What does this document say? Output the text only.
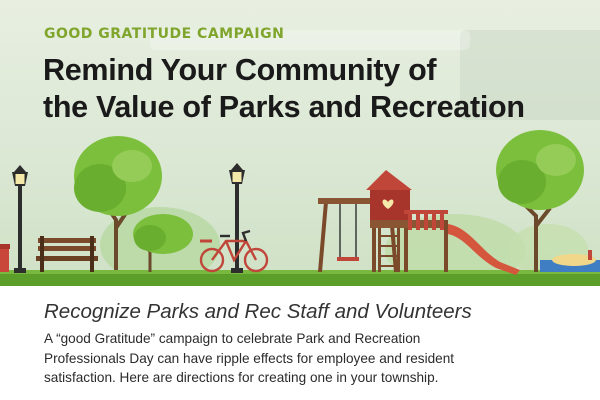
GOOD GRATITUDE CAMPAIGN
Remind Your Community of
the Value of Parks and Recreation
Recognize Parks and Rec Staff and Volunteers
A “good Gratitude” campaign to celebrate Park and Recreation
Professionals Day can have ripple effects for employee and resident
satisfaction. Here are directions for creating one in your township.
